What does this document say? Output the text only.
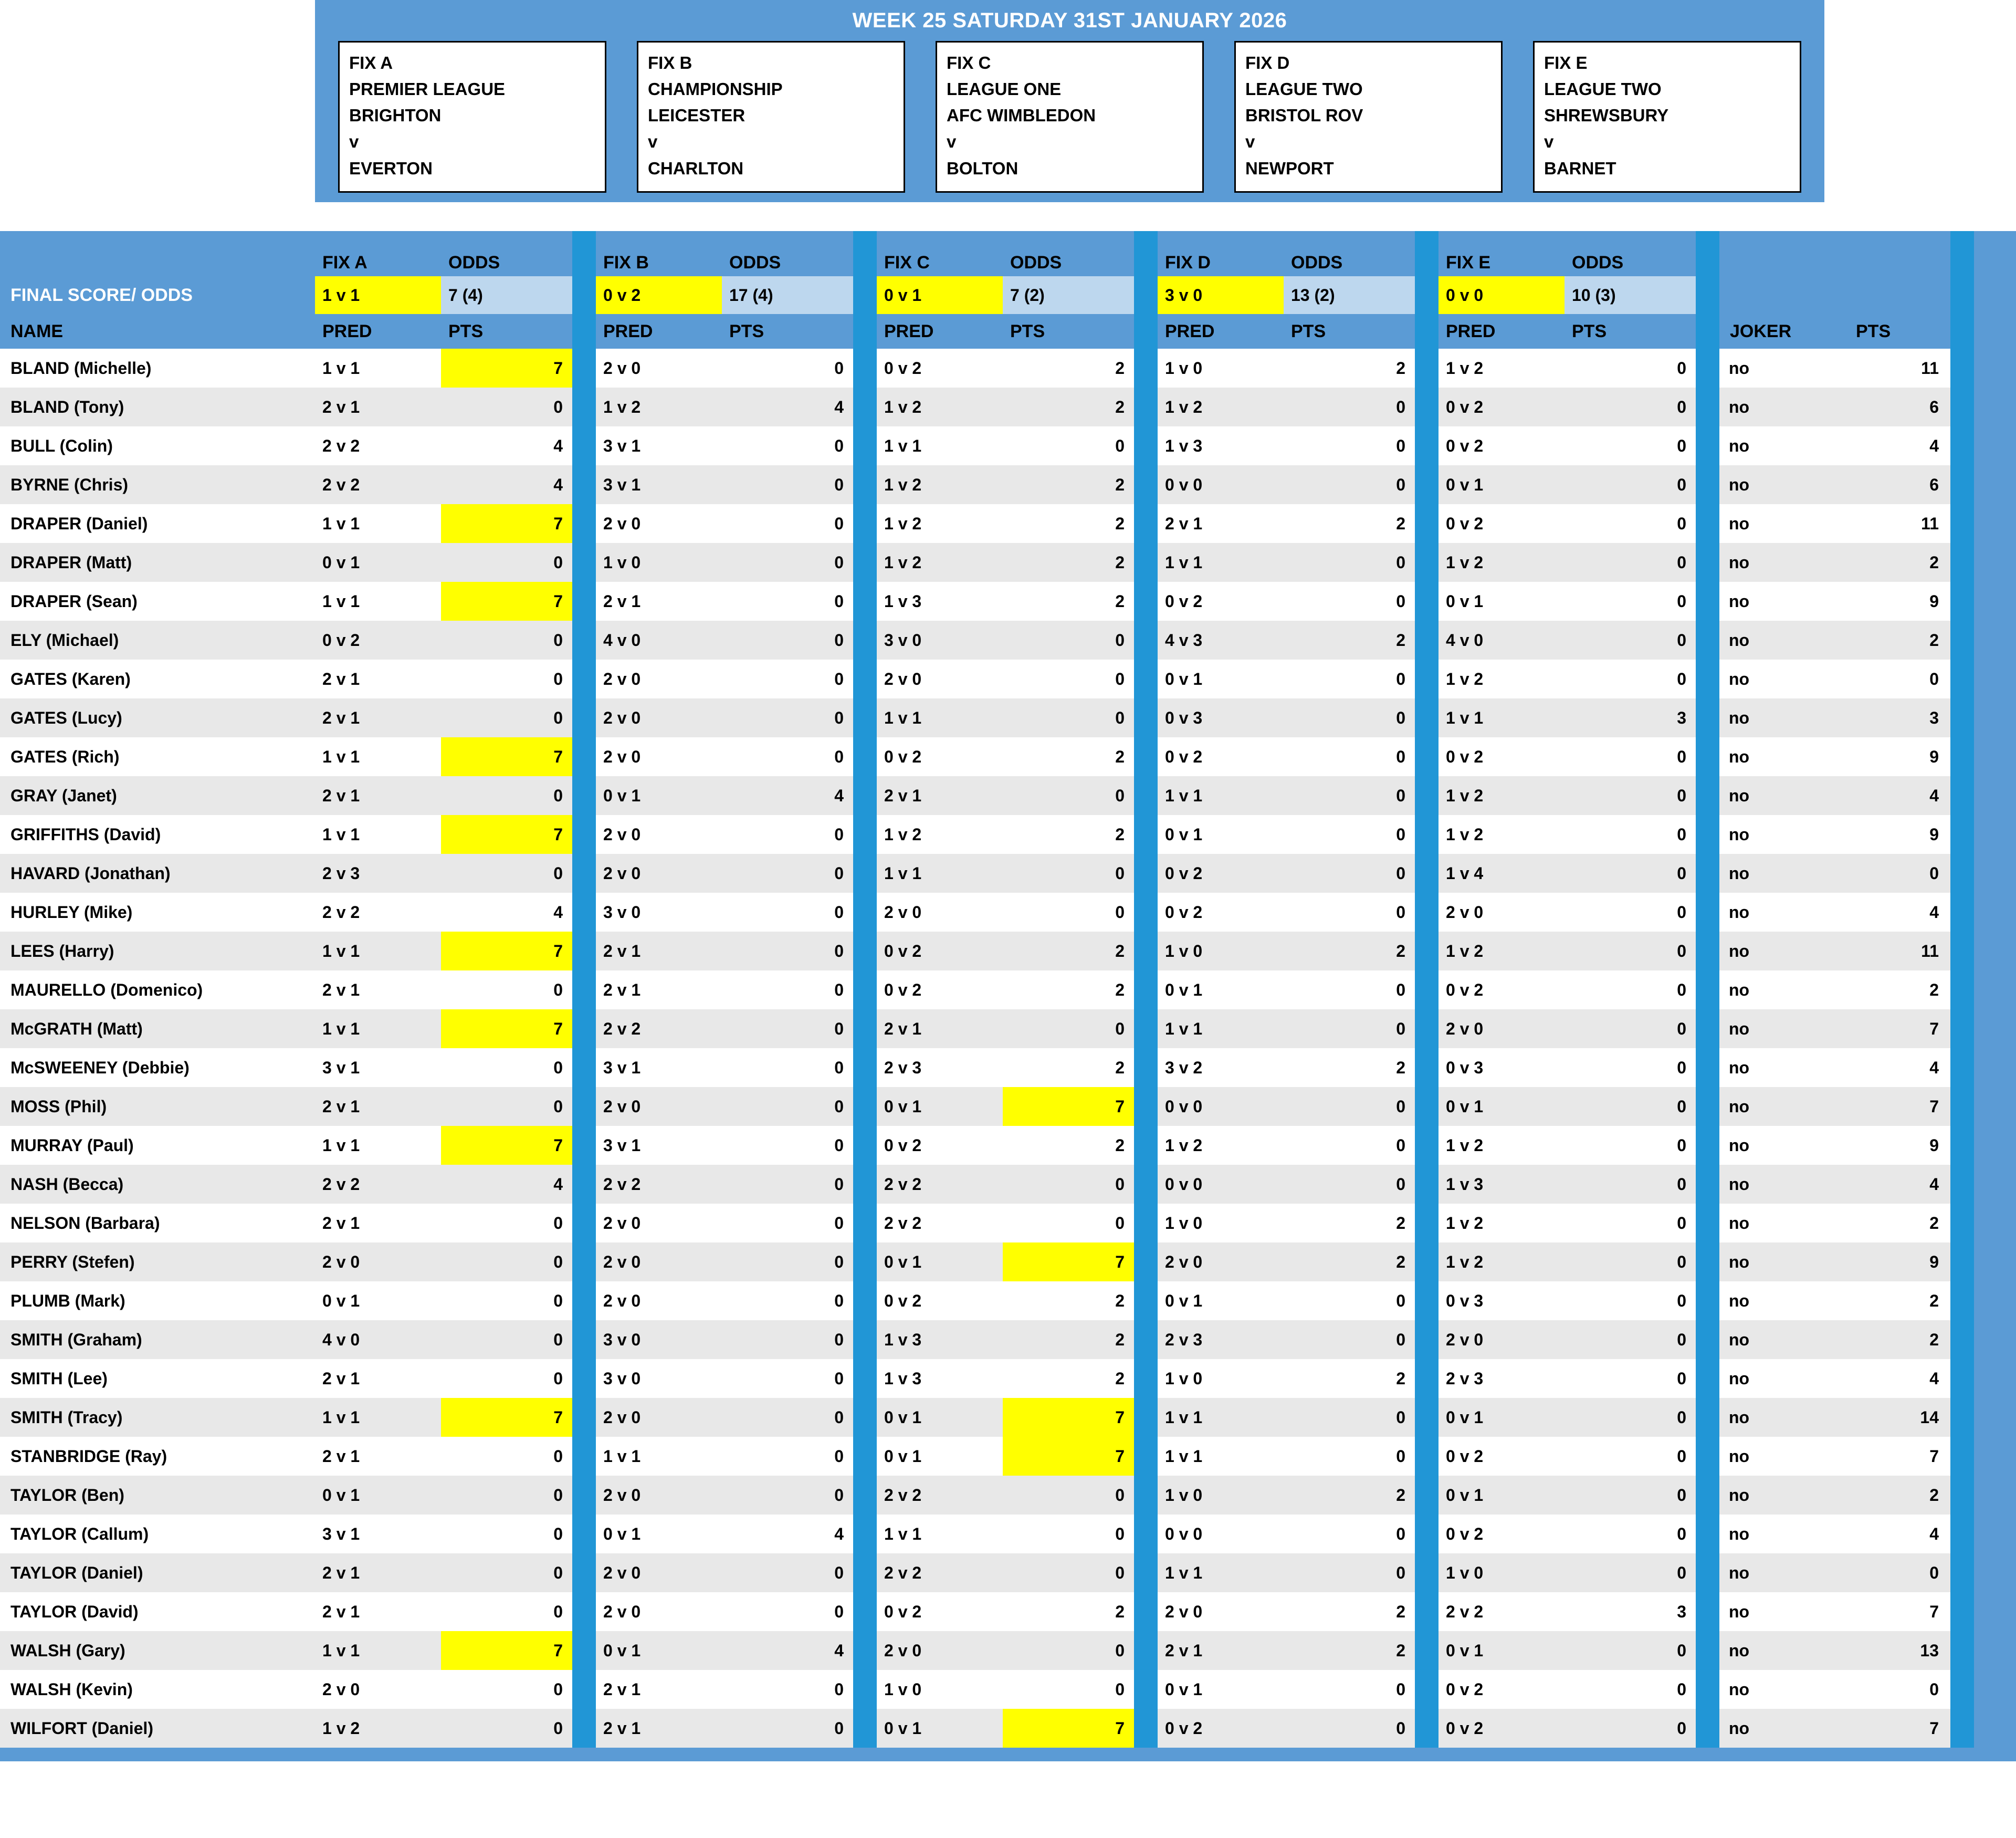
WEEK 25 SATURDAY 31ST JANUARY 2026
FIX A
PREMIER LEAGUE
BRIGHTON
v
EVERTON
FIX B
CHAMPIONSHIP
LEICESTER
v
CHARLTON
FIX C
LEAGUE ONE
AFC WIMBLEDON
v
BOLTON
FIX D
LEAGUE TWO
BRISTOL ROV
v
NEWPORT
FIX E
LEAGUE TWO
SHREWSBURY
v
BARNET
	FIX A	ODDS		FIX B	ODDS		FIX C	ODDS		FIX D	ODDS		FIX E	ODDS				
FINAL SCORE/ ODDS	1 v 1	7 (4)		0 v 2	17 (4)		0 v 1	7 (2)		3 v 0	13 (2)		0 v 0	10 (3)				
NAME	PRED	PTS		PRED	PTS		PRED	PTS		PRED	PTS		PRED	PTS		JOKER	PTS	
BLAND (Michelle)	1 v 1	7		2 v 0	0		0 v 2	2		1 v 0	2		1 v 2	0		no	11	
BLAND (Tony)	2 v 1	0		1 v 2	4		1 v 2	2		1 v 2	0		0 v 2	0		no	6	
BULL (Colin)	2 v 2	4		3 v 1	0		1 v 1	0		1 v 3	0		0 v 2	0		no	4	
BYRNE (Chris)	2 v 2	4		3 v 1	0		1 v 2	2		0 v 0	0		0 v 1	0		no	6	
DRAPER (Daniel)	1 v 1	7		2 v 0	0		1 v 2	2		2 v 1	2		0 v 2	0		no	11	
DRAPER (Matt)	0 v 1	0		1 v 0	0		1 v 2	2		1 v 1	0		1 v 2	0		no	2	
DRAPER (Sean)	1 v 1	7		2 v 1	0		1 v 3	2		0 v 2	0		0 v 1	0		no	9	
ELY (Michael)	0 v 2	0		4 v 0	0		3 v 0	0		4 v 3	2		4 v 0	0		no	2	
GATES (Karen)	2 v 1	0		2 v 0	0		2 v 0	0		0 v 1	0		1 v 2	0		no	0	
GATES (Lucy)	2 v 1	0		2 v 0	0		1 v 1	0		0 v 3	0		1 v 1	3		no	3	
GATES (Rich)	1 v 1	7		2 v 0	0		0 v 2	2		0 v 2	0		0 v 2	0		no	9	
GRAY (Janet)	2 v 1	0		0 v 1	4		2 v 1	0		1 v 1	0		1 v 2	0		no	4	
GRIFFITHS (David)	1 v 1	7		2 v 0	0		1 v 2	2		0 v 1	0		1 v 2	0		no	9	
HAVARD (Jonathan)	2 v 3	0		2 v 0	0		1 v 1	0		0 v 2	0		1 v 4	0		no	0	
HURLEY (Mike)	2 v 2	4		3 v 0	0		2 v 0	0		0 v 2	0		2 v 0	0		no	4	
LEES (Harry)	1 v 1	7		2 v 1	0		0 v 2	2		1 v 0	2		1 v 2	0		no	11	
MAURELLO (Domenico)	2 v 1	0		2 v 1	0		0 v 2	2		0 v 1	0		0 v 2	0		no	2	
McGRATH (Matt)	1 v 1	7		2 v 2	0		2 v 1	0		1 v 1	0		2 v 0	0		no	7	
McSWEENEY (Debbie)	3 v 1	0		3 v 1	0		2 v 3	2		3 v 2	2		0 v 3	0		no	4	
MOSS (Phil)	2 v 1	0		2 v 0	0		0 v 1	7		0 v 0	0		0 v 1	0		no	7	
MURRAY (Paul)	1 v 1	7		3 v 1	0		0 v 2	2		1 v 2	0		1 v 2	0		no	9	
NASH (Becca)	2 v 2	4		2 v 2	0		2 v 2	0		0 v 0	0		1 v 3	0		no	4	
NELSON (Barbara)	2 v 1	0		2 v 0	0		2 v 2	0		1 v 0	2		1 v 2	0		no	2	
PERRY (Stefen)	2 v 0	0		2 v 0	0		0 v 1	7		2 v 0	2		1 v 2	0		no	9	
PLUMB (Mark)	0 v 1	0		2 v 0	0		0 v 2	2		0 v 1	0		0 v 3	0		no	2	
SMITH (Graham)	4 v 0	0		3 v 0	0		1 v 3	2		2 v 3	0		2 v 0	0		no	2	
SMITH (Lee)	2 v 1	0		3 v 0	0		1 v 3	2		1 v 0	2		2 v 3	0		no	4	
SMITH (Tracy)	1 v 1	7		2 v 0	0		0 v 1	7		1 v 1	0		0 v 1	0		no	14	
STANBRIDGE (Ray)	2 v 1	0		1 v 1	0		0 v 1	7		1 v 1	0		0 v 2	0		no	7	
TAYLOR (Ben)	0 v 1	0		2 v 0	0		2 v 2	0		1 v 0	2		0 v 1	0		no	2	
TAYLOR (Callum)	3 v 1	0		0 v 1	4		1 v 1	0		0 v 0	0		0 v 2	0		no	4	
TAYLOR (Daniel)	2 v 1	0		2 v 0	0		2 v 2	0		1 v 1	0		1 v 0	0		no	0	
TAYLOR (David)	2 v 1	0		2 v 0	0		0 v 2	2		2 v 0	2		2 v 2	3		no	7	
WALSH (Gary)	1 v 1	7		0 v 1	4		2 v 0	0		2 v 1	2		0 v 1	0		no	13	
WALSH (Kevin)	2 v 0	0		2 v 1	0		1 v 0	0		0 v 1	0		0 v 2	0		no	0	
WILFORT (Daniel)	1 v 2	0		2 v 1	0		0 v 1	7		0 v 2	0		0 v 2	0		no	7	
